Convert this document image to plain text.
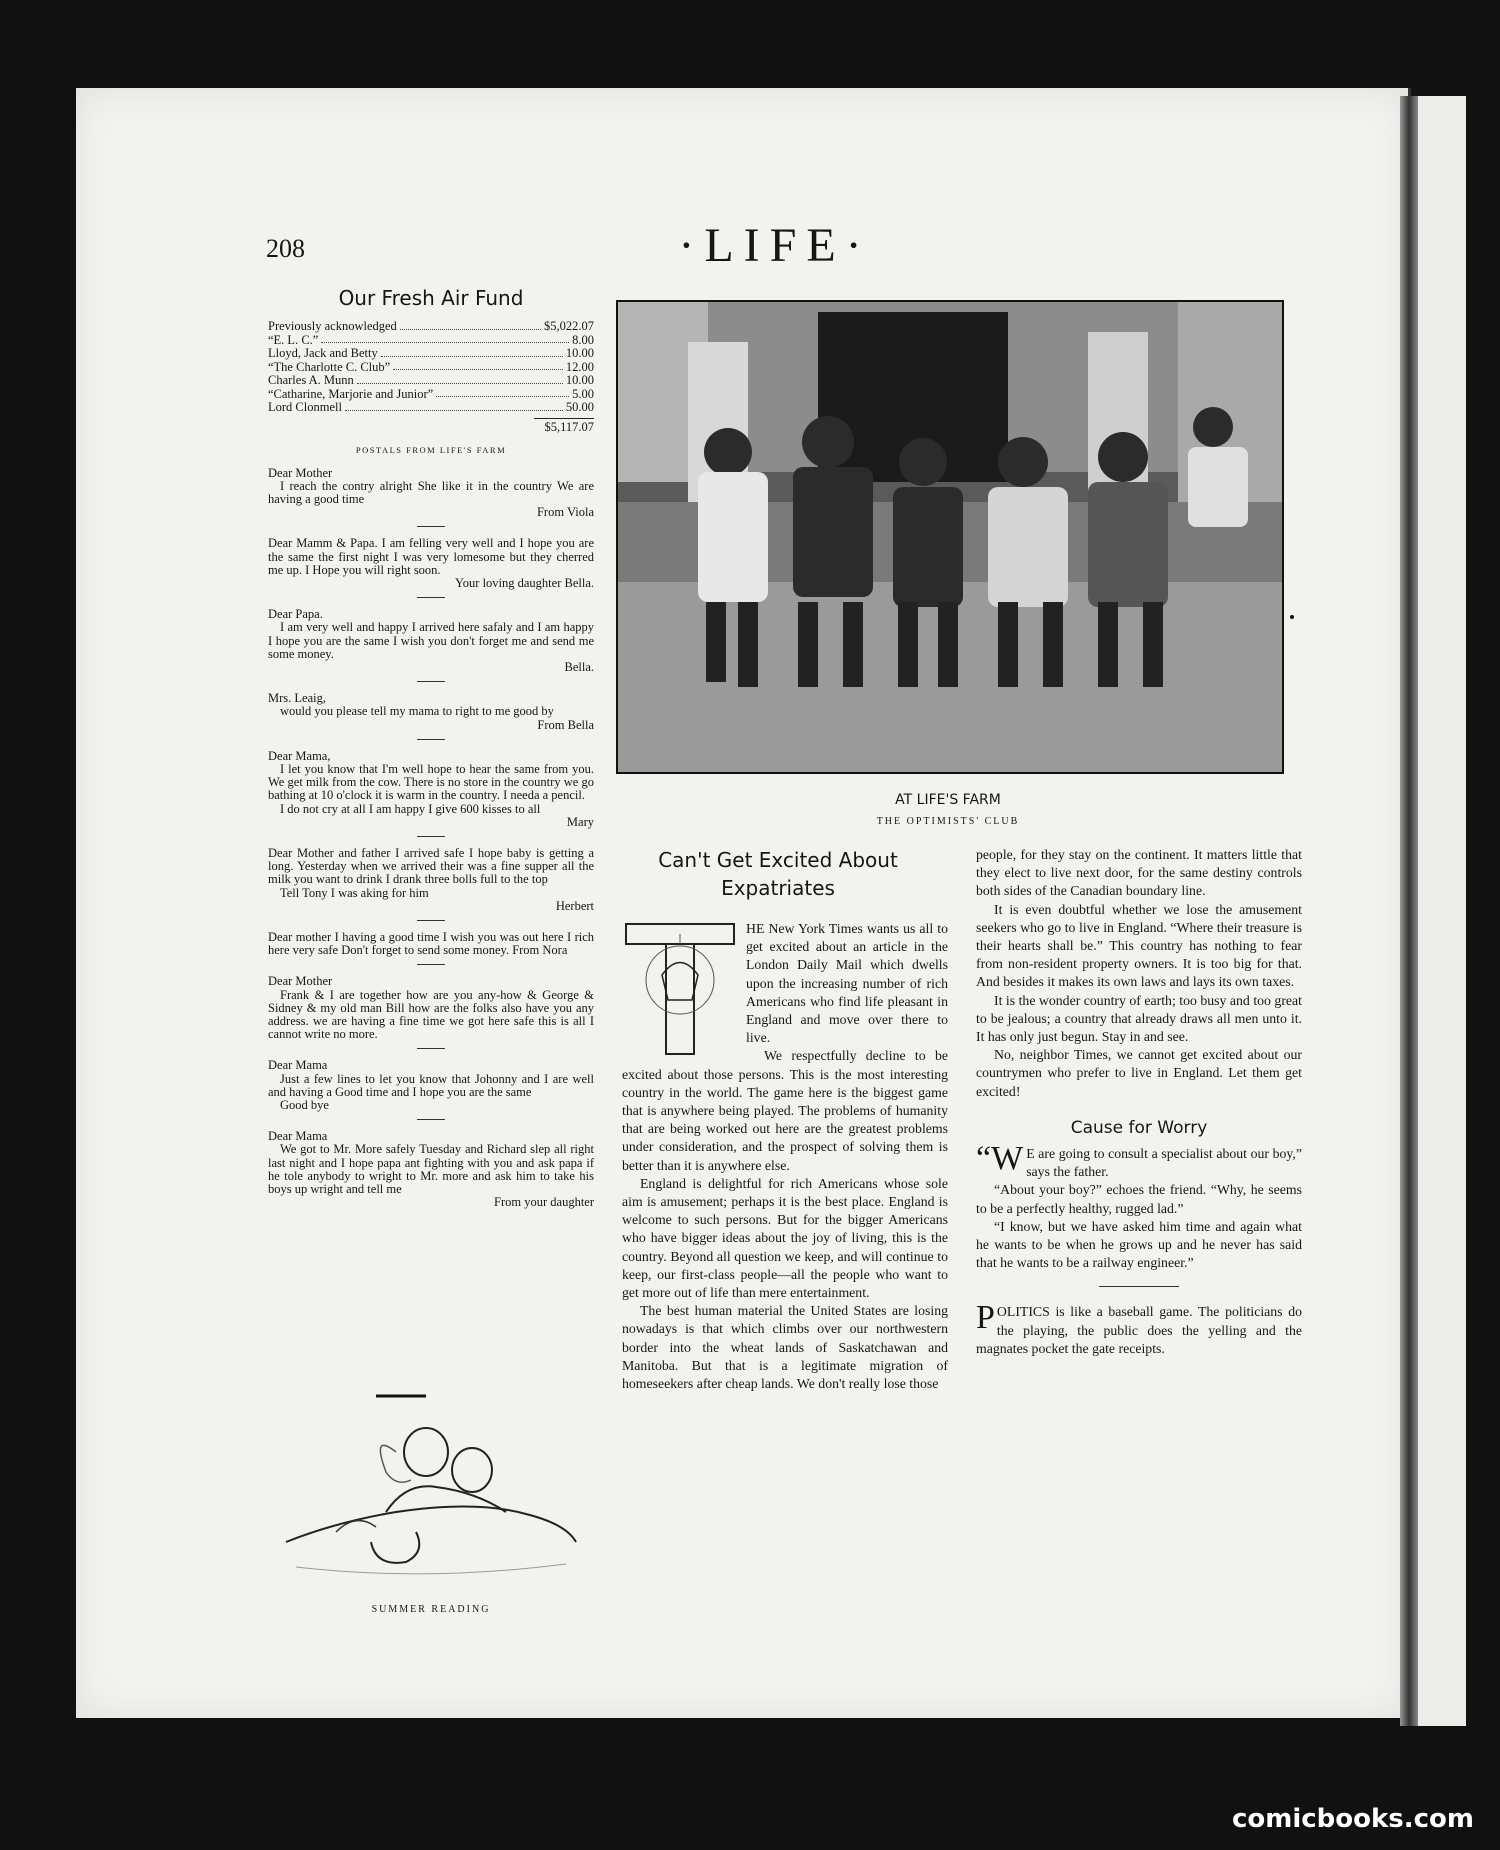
208	·LIFE·
Our Fresh Air Fund
Previously acknowledged	$5,022.07
“E. L. C.”	8.00
Lloyd, Jack and Betty	10.00
“The Charlotte C. Club”	12.00
Charles A. Munn	10.00
“Catharine, Marjorie and Junior”	5.00
Lord Clonmell	50.00
$5,117.07
POSTALS FROM LIFE'S FARM

Dear Mother

I reach the contry alright She like it in the country We are having a good time

From Viola

Dear Mamm & Papa. I am felling very well and I hope you are the same the first night I was very lomesome but they cherred me up. I Hope you will right soon.

Your loving daughter Bella.

Dear Papa.

I am very well and happy I arrived here safaly and I am happy I hope you are the same I wish you don't forget me and send me some money.

Bella.

Mrs. Leaig,

would you please tell my mama to right to me good by

From Bella

Dear Mama,

I let you know that I'm well hope to hear the same from you. We get milk from the cow. There is no store in the country we go bathing at 10 o'clock it is warm in the country. I needa a pencil.

I do not cry at all I am happy I give 600 kisses to all

Mary

Dear Mother and father I arrived safe I hope baby is getting a long. Yesterday when we arrived their was a fine supper all the milk you want to drink I drank three bolls full to the top

Tell Tony I was aking for him

Herbert

Dear mother I having a good time I wish you was out here I rich here very safe Don't forget to send some money. From Nora

Dear Mother

Frank & I are together how are you any-how & George & Sidney & my old man Bill how are the folks also have you any address. we are having a fine time we got here safe this is all I cannot write no more.

Dear Mama

Just a few lines to let you know that Johonny and I are well and having a Good time and I hope you are the same

Good bye

Dear Mama

We got to Mr. More safely Tuesday and Richard slep all right last night and I hope papa ant fighting with you and ask papa if he tole anybody to wright to Mr. more and ask him to take his boys up wright and tell me

From your daughter

SUMMER READING
AT LIFE'S FARM
THE OPTIMISTS' CLUB
Can't Get Excited About Expatriates

HE New York Times wants us all to get excited about an article in the London Daily Mail which dwells upon the increasing number of rich Americans who find life pleasant in England and move over there to live.

We respectfully decline to be excited about those persons. This is the most interesting country in the world. The game here is the biggest game that is anywhere being played. The problems of humanity that are being worked out here are the greatest problems under consideration, and the prospect of solving them is better than it is anywhere else.

England is delightful for rich Americans whose sole aim is amusement; perhaps it is the best place. England is welcome to such persons. But for the bigger Americans who have bigger ideas about the joy of living, this is the country. Beyond all question we keep, and will continue to keep, our first-class people—all the people who want to get more out of life than mere entertainment.

The best human material the United States are losing nowadays is that which climbs over our northwestern border into the wheat lands of Saskatchawan and Manitoba. But that is a legitimate migration of homeseekers after cheap lands. We don't really lose those

people, for they stay on the continent. It matters little that they elect to live next door, for the same destiny controls both sides of the Canadian boundary line.

It is even doubtful whether we lose the amusement seekers who go to live in England. “Where their treasure is their hearts shall be.” This country has nothing to fear from non-resident property owners. It is too big for that. And besides it makes its own laws and lays its own taxes.

It is the wonder country of earth; too busy and too great to be jealous; a country that already draws all men unto it. It has only just begun. Stay in and see.

No, neighbor Times, we cannot get excited about our countrymen who prefer to live in England. Let them get excited!

Cause for Worry
“W E are going to consult a specialist about our boy,” says the father.

“About your boy?” echoes the friend. “Why, he seems to be a perfectly healthy, rugged lad.”

“I know, but we have asked him time and again what he wants to be when he grows up and he never has said that he wants to be a railway engineer.”

P OLITICS is like a baseball game. The politicians do the playing, the public does the yelling and the magnates pocket the gate receipts.
comicbooks.com
